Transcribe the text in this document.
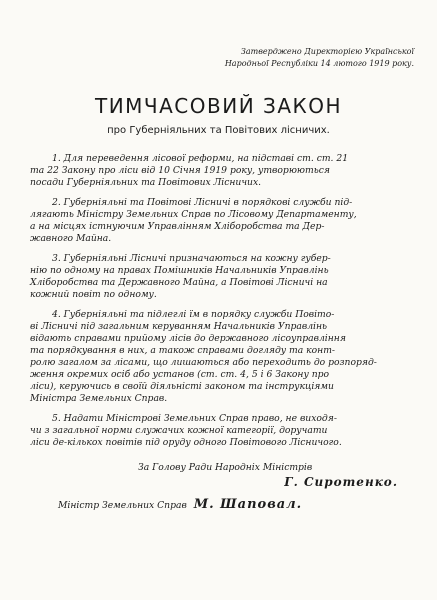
Затверджено Директорією Української
Народньої Республіки 14 лютого 1919 року.
ТИМЧАСОВИЙ ЗАКОН
про Губерніяльних та Повітових лісничих.
1. Для переведення лісової реформи, на підставі ст. ст. 21
та 22 Закону про ліси від 10 Січня 1919 року, утворюються
посади Губерніяльних та Повітових Лісничих.
2. Губерніяльні та Повітові Лісничі в порядкові служби під-
лягають Міністру Земельних Справ по Лісовому Департаменту,
а на місцях істнуючим Управлінням Хліборобства та Дер-
жавного Майна.
3. Губерніяльні Лісничі призначаються на кожну губер-
нію по одному на правах Помішників Начальників Управлінь
Хліборобства та Державного Майна, а Повітові Лісничі на
кожний повіт по одному.
4. Губерніяльні та підлеглі їм в порядку служби Повіто-
ві Лісничі під загальним керуванням Начальників Управлінь
відають справами прийому лісів до державного лісоуправління
та порядкування в них, а також справами догляду та конт-
ролю загалом за лісами, що лишаються або переходить до розпоряд-
ження окремих осіб або установ (ст. ст. 4, 5 і 6 Закону про
ліси), керуючись в своїй діяльністі законом та інструкціями
Міністра Земельних Справ.
5. Надати Міністрові Земельних Справ право, не виходя-
чи з загальної норми служачих кожної категорії, доручати
ліси де-кількох повітів під оруду одного Повітового Лісничого.
За Голову Ради Народніх Міністрів
Г. Сиротенко.
Міністр Земельних Справ М. Шаповал.
